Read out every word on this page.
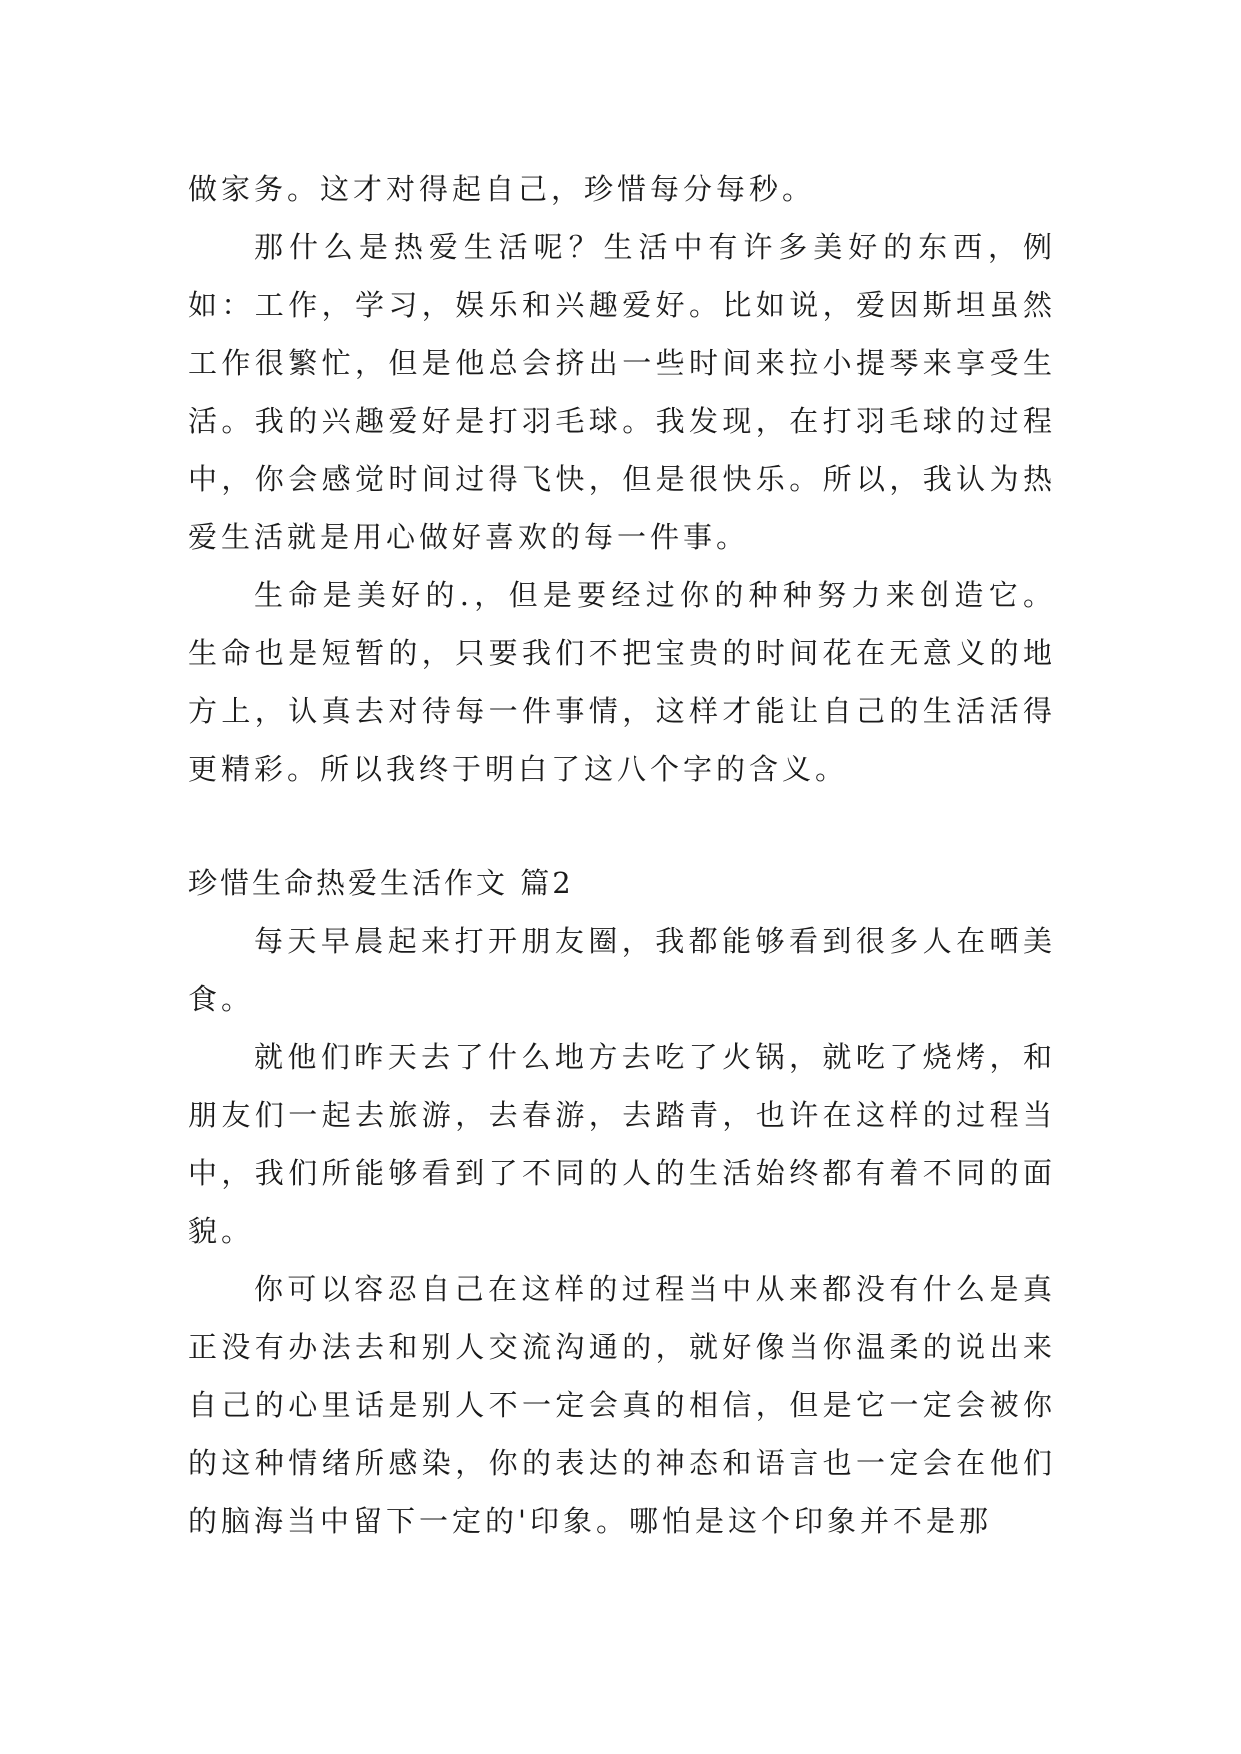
做家务。这才对得起自己，珍惜每分每秒。

那什么是热爱生活呢？生活中有许多美好的东西，例如：工作，学习，娱乐和兴趣爱好。比如说，爱因斯坦虽然工作很繁忙，但是他总会挤出一些时间来拉小提琴来享受生活。我的兴趣爱好是打羽毛球。我发现，在打羽毛球的过程中，你会感觉时间过得飞快，但是很快乐。所以，我认为热爱生活就是用心做好喜欢的每一件事。

生命是美好的.，但是要经过你的种种努力来创造它。生命也是短暂的，只要我们不把宝贵的时间花在无意义的地方上，认真去对待每一件事情，这样才能让自己的生活活得更精彩。所以我终于明白了这八个字的含义。

珍惜生命热爱生活作文 篇2

每天早晨起来打开朋友圈，我都能够看到很多人在晒美食。

就他们昨天去了什么地方去吃了火锅，就吃了烧烤，和朋友们一起去旅游，去春游，去踏青，也许在这样的过程当中，我们所能够看到了不同的人的生活始终都有着不同的面貌。

你可以容忍自己在这样的过程当中从来都没有什么是真正没有办法去和别人交流沟通的，就好像当你温柔的说出来自己的心里话是别人不一定会真的相信，但是它一定会被你的这种情绪所感染，你的表达的神态和语言也一定会在他们的脑海当中留下一定的'印象。哪怕是这个印象并不是那
